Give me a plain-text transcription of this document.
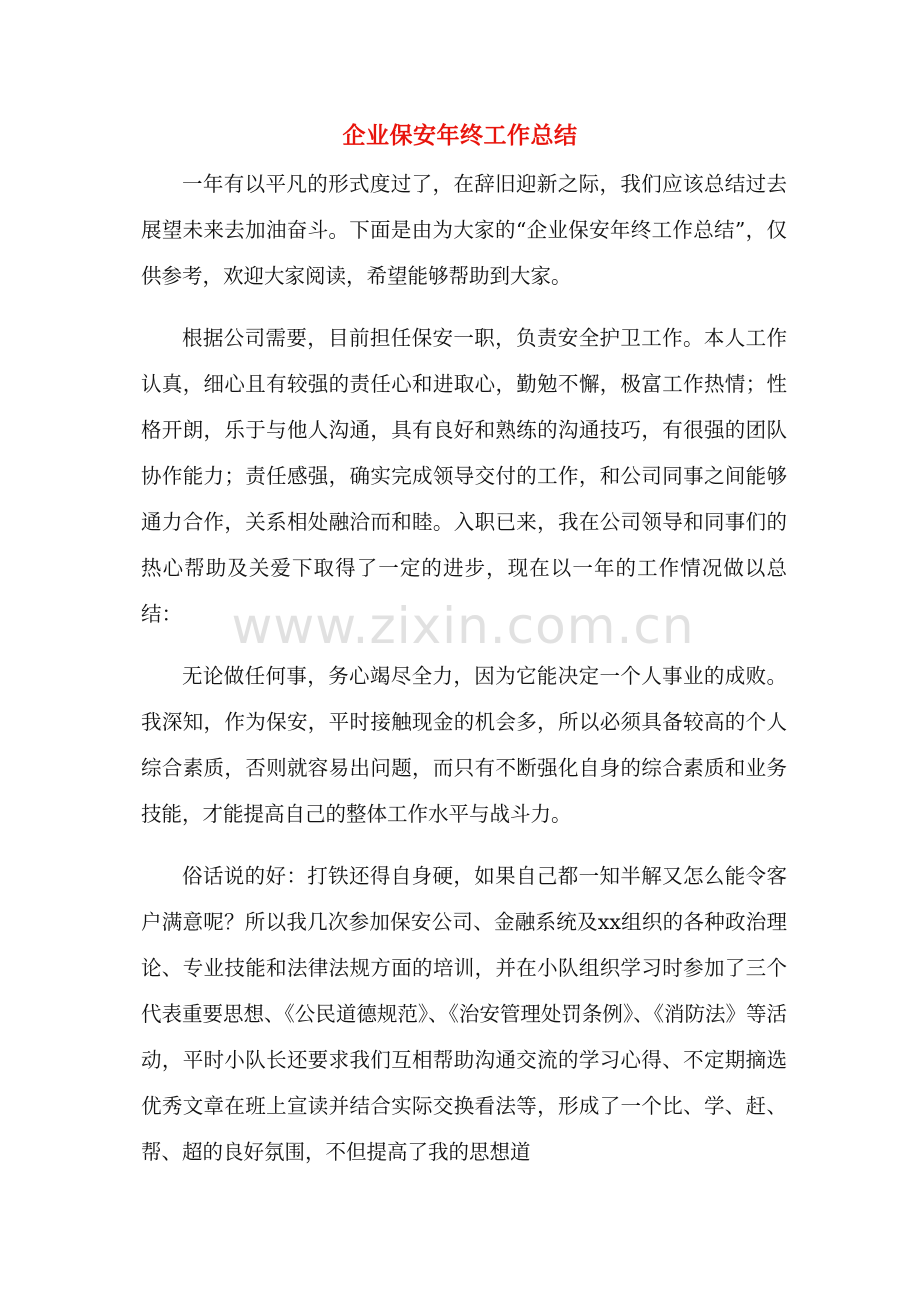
企业保安年终工作总结

一年有以平凡的形式度过了，在辞旧迎新之际，我们应该总结过去展望未来去加油奋斗。下面是由为大家的“企业保安年终工作总结”，仅供参考，欢迎大家阅读，希望能够帮助到大家。

根据公司需要，目前担任保安一职，负责安全护卫工作。本人工作认真，细心且有较强的责任心和进取心，勤勉不懈，极富工作热情；性格开朗，乐于与他人沟通，具有良好和熟练的沟通技巧，有很强的团队协作能力；责任感强，确实完成领导交付的工作，和公司同事之间能够通力合作，关系相处融洽而和睦。入职已来，我在公司领导和同事们的热心帮助及关爱下取得了一定的进步，现在以一年的工作情况做以总结：

无论做任何事，务心竭尽全力，因为它能决定一个人事业的成败。我深知，作为保安，平时接触现金的机会多，所以必须具备较高的个人综合素质，否则就容易出问题，而只有不断强化自身的综合素质和业务技能，才能提高自己的整体工作水平与战斗力。

俗话说的好：打铁还得自身硬，如果自己都一知半解又怎么能令客户满意呢？所以我几次参加保安公司、金融系统及xx组织的各种政治理论、专业技能和法律法规方面的培训，并在小队组织学习时参加了三个代表重要思想、《公民道德规范》、《治安管理处罚条例》、《消防法》等活动，平时小队长还要求我们互相帮助沟通交流的学习心得、不定期摘选优秀文章在班上宣读并结合实际交换看法等，形成了一个比、学、赶、帮、超的良好氛围，不但提高了我的思想道

www.zixin.com.cn
